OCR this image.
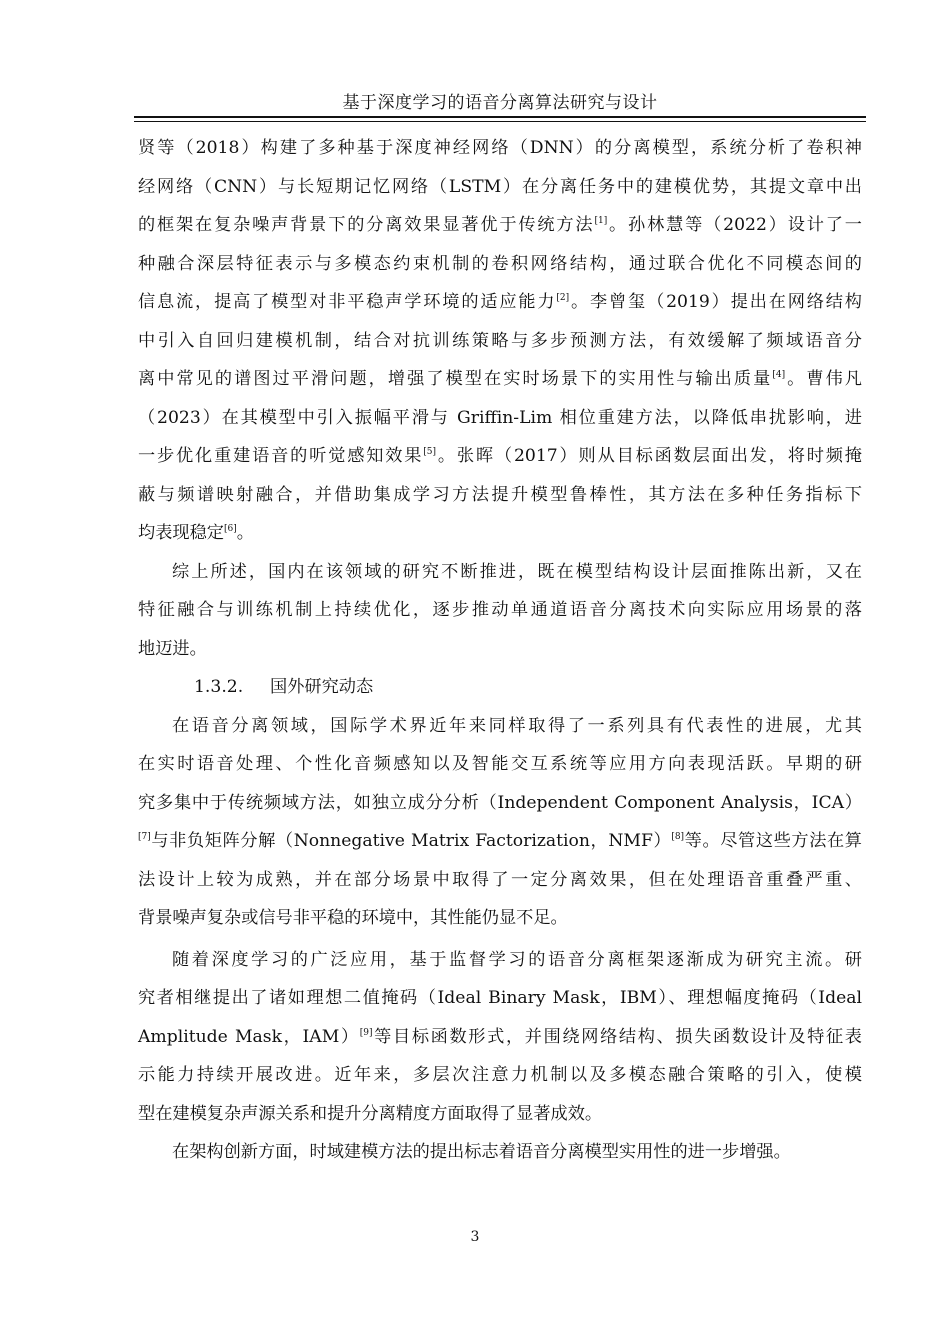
基于深度学习的语音分离算法研究与设计
贤等（2018）构建了多种基于深度神经网络（DNN）的分离模型，系统分析了卷积神
经网络（CNN）与长短期记忆网络（LSTM）在分离任务中的建模优势，其提文章中出
的框架在复杂噪声背景下的分离效果显著优于传统方法[1]。孙林慧等（2022）设计了一
种融合深层特征表示与多模态约束机制的卷积网络结构，通过联合优化不同模态间的
信息流，提高了模型对非平稳声学环境的适应能力[2]。李曾玺（2019）提出在网络结构
中引入自回归建模机制，结合对抗训练策略与多步预测方法，有效缓解了频域语音分
离中常见的谱图过平滑问题，增强了模型在实时场景下的实用性与输出质量[4]。曹伟凡
（2023）在其模型中引入振幅平滑与 Griffin-Lim 相位重建方法，以降低串扰影响，进
一步优化重建语音的听觉感知效果[5]。张晖（2017）则从目标函数层面出发，将时频掩
蔽与频谱映射融合，并借助集成学习方法提升模型鲁棒性，其方法在多种任务指标下
均表现稳定[6]。
综上所述，国内在该领域的研究不断推进，既在模型结构设计层面推陈出新，又在
特征融合与训练机制上持续优化，逐步推动单通道语音分离技术向实际应用场景的落
地迈进。
1.3.2. 国外研究动态
在语音分离领域，国际学术界近年来同样取得了一系列具有代表性的进展，尤其
在实时语音处理、个性化音频感知以及智能交互系统等应用方向表现活跃。早期的研
究多集中于传统频域方法，如独立成分分析（Independent Component Analysis，ICA）
[7]与非负矩阵分解（Nonnegative Matrix Factorization，NMF）[8]等。尽管这些方法在算
法设计上较为成熟，并在部分场景中取得了一定分离效果，但在处理语音重叠严重、
背景噪声复杂或信号非平稳的环境中，其性能仍显不足。
随着深度学习的广泛应用，基于监督学习的语音分离框架逐渐成为研究主流。研
究者相继提出了诸如理想二值掩码（Ideal Binary Mask，IBM）、理想幅度掩码（Ideal
Amplitude Mask，IAM）[9]等目标函数形式，并围绕网络结构、损失函数设计及特征表
示能力持续开展改进。近年来，多层次注意力机制以及多模态融合策略的引入，使模
型在建模复杂声源关系和提升分离精度方面取得了显著成效。
在架构创新方面，时域建模方法的提出标志着语音分离模型实用性的进一步增强。
3
